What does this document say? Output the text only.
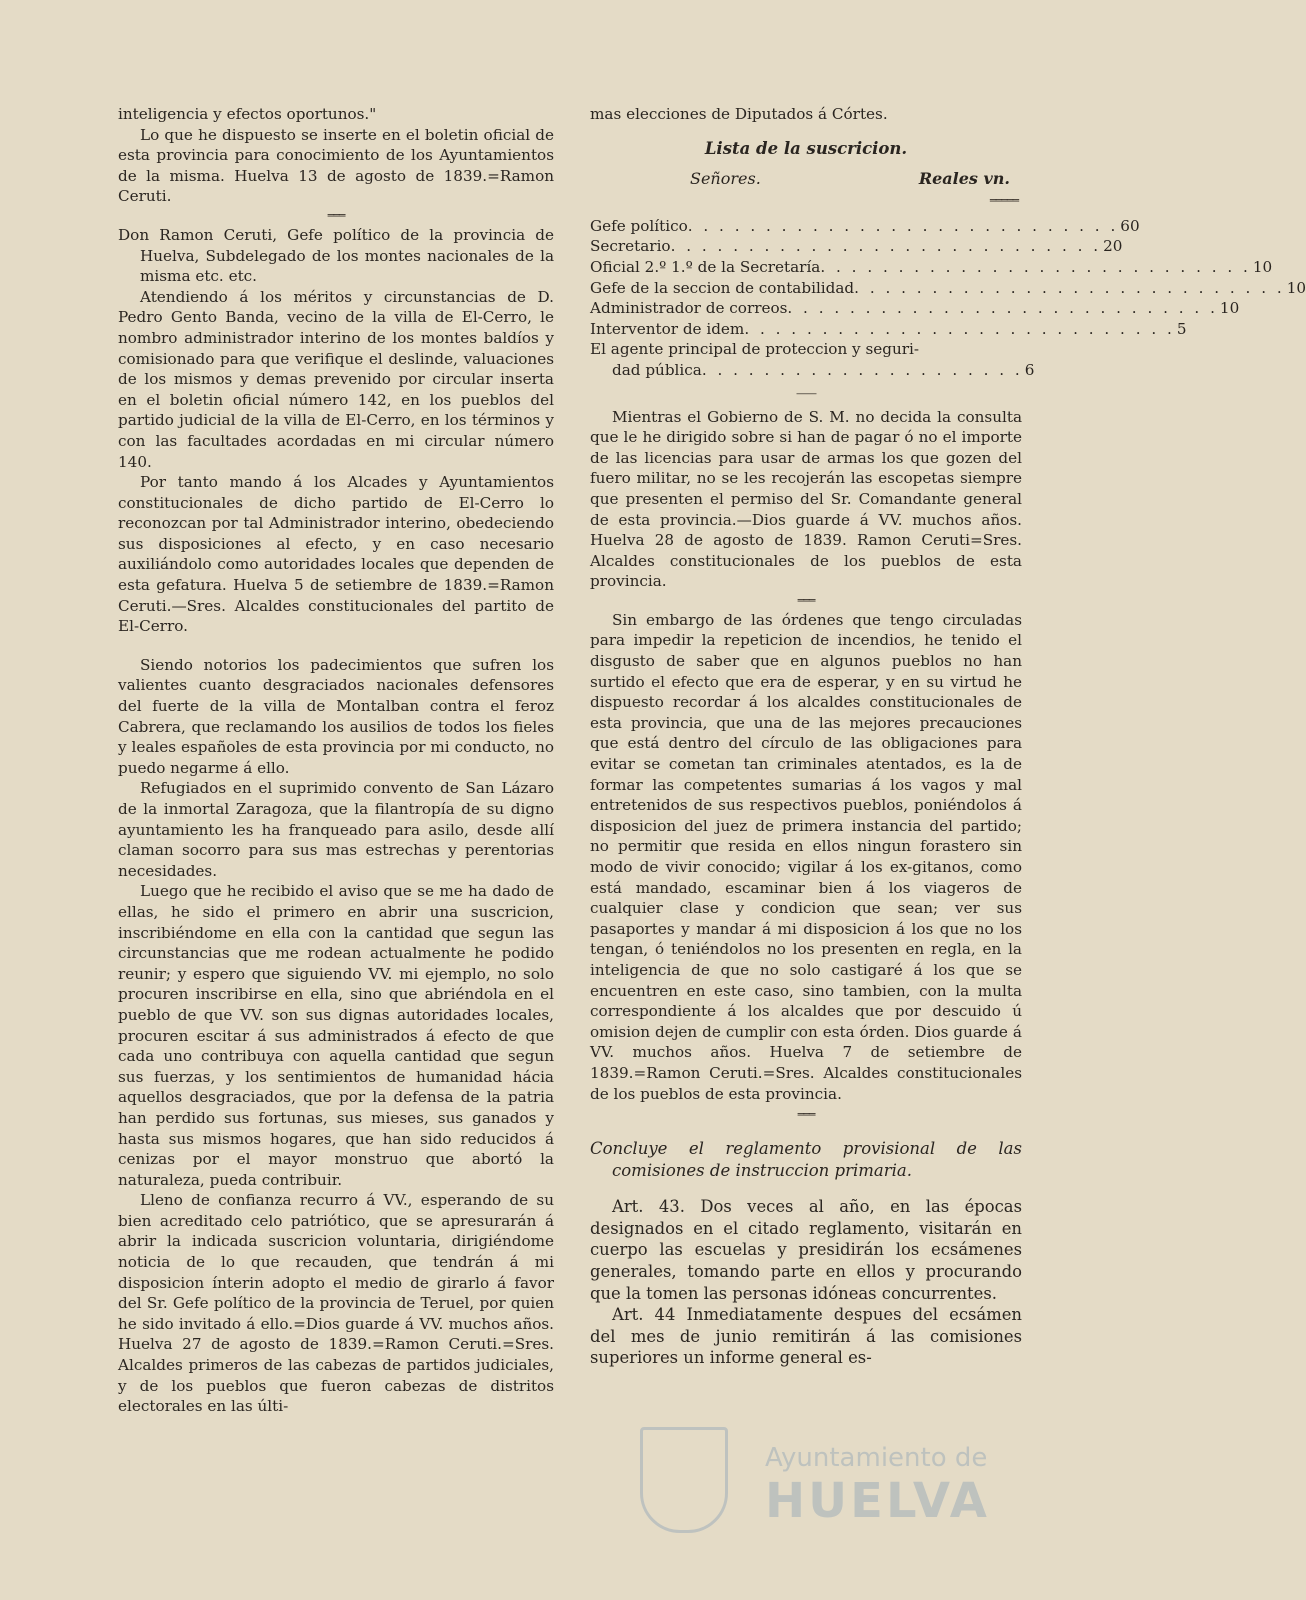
inteligencia y efectos oportunos."

Lo que he dispuesto se inserte en el boletin oficial de esta provincia para conocimiento de los Ayuntamientos de la misma. Huelva 13 de agosto de 1839.=Ramon Ceruti.

═══

Don Ramon Ceruti, Gefe político de la provincia de Huelva, Subdelegado de los montes nacionales de la misma etc. etc.

Atendiendo á los méritos y circunstancias de D. Pedro Gento Banda, vecino de la villa de El-Cerro, le nombro administrador interino de los montes baldíos y comisionado para que verifique el deslinde, valuaciones de los mismos y demas prevenido por circular inserta en el boletin oficial número 142, en los pueblos del partido judicial de la villa de El-Cerro, en los términos y con las facultades acordadas en mi circular número 140.

Por tanto mando á los Alcades y Ayuntamientos constitucionales de dicho partido de El-Cerro lo reconozcan por tal Administrador interino, obedeciendo sus disposiciones al efecto, y en caso necesario auxiliándolo como autoridades locales que dependen de esta gefatura. Huelva 5 de setiembre de 1839.=Ramon Ceruti.—Sres. Alcaldes constitucionales del partito de El-Cerro.

Siendo notorios los padecimientos que sufren los valientes cuanto desgraciados nacionales defensores del fuerte de la villa de Montalban contra el feroz Cabrera, que reclamando los ausilios de todos los fieles y leales españoles de esta provincia por mi conducto, no puedo negarme á ello.

Refugiados en el suprimido convento de San Lázaro de la inmortal Zaragoza, que la filantropía de su digno ayuntamiento les ha franqueado para asilo, desde allí claman socorro para sus mas estrechas y perentorias necesidades.

Luego que he recibido el aviso que se me ha dado de ellas, he sido el primero en abrir una suscricion, inscribiéndome en ella con la cantidad que segun las circunstancias que me rodean actualmente he podido reunir; y espero que siguiendo VV. mi ejemplo, no solo procuren inscribirse en ella, sino que abriéndola en el pueblo de que VV. son sus dignas autoridades locales, procuren escitar á sus administrados á efecto de que cada uno contribuya con aquella cantidad que segun sus fuerzas, y los sentimientos de humanidad hácia aquellos desgraciados, que por la defensa de la patria han perdido sus fortunas, sus mieses, sus ganados y hasta sus mismos hogares, que han sido reducidos á cenizas por el mayor monstruo que abortó la naturaleza, pueda contribuir.

Lleno de confianza recurro á VV., esperando de su bien acreditado celo patriótico, que se apresurarán á abrir la indicada suscricion voluntaria, dirigiéndome noticia de lo que recauden, que tendrán á mi disposicion ínterin adopto el medio de girarlo á favor del Sr. Gefe político de la provincia de Teruel, por quien he sido invitado á ello.=Dios guarde á VV. muchos años. Huelva 27 de agosto de 1839.=Ramon Ceruti.=Sres. Alcaldes primeros de las cabezas de partidos judiciales, y de los pueblos que fueron cabezas de distritos electorales en las últi-

mas elecciones de Diputados á Córtes.

Lista de la suscricion.

Señores.	Reales vn.
═════
Gefe político . . . . . . . . . . . . . . . . . . . . . . . . . . . . 60
Secretario . . . . . . . . . . . . . . . . . . . . . . . . . . . . 20
Oficial 2.º 1.º de la Secretaría . . . . . . . . . . . . . . . . . . . . . . . . . . . . 10
Gefe de la seccion de contabilidad . . . . . . . . . . . . . . . . . . . . . . . . . . . . 10
Administrador de correos . . . . . . . . . . . . . . . . . . . . . . . . . . . . 10
Interventor de idem . . . . . . . . . . . . . . . . . . . . . . . . . . . . 5
El agente principal de proteccion y seguri-
dad pública . . . . . . . . . . . . . . . . . . . . . 6
——

Mientras el Gobierno de S. M. no decida la consulta que le he dirigido sobre si han de pagar ó no el importe de las licencias para usar de armas los que gozen del fuero militar, no se les recojerán las escopetas siempre que presenten el permiso del Sr. Comandante general de esta provincia.—Dios guarde á VV. muchos años. Huelva 28 de agosto de 1839. Ramon Ceruti=Sres. Alcaldes constitucionales de los pueblos de esta provincia.

═══

Sin embargo de las órdenes que tengo circuladas para impedir la repeticion de incendios, he tenido el disgusto de saber que en algunos pueblos no han surtido el efecto que era de esperar, y en su virtud he dispuesto recordar á los alcaldes constitucionales de esta provincia, que una de las mejores precauciones que está dentro del círculo de las obligaciones para evitar se cometan tan criminales atentados, es la de formar las competentes sumarias á los vagos y mal entretenidos de sus respectivos pueblos, poniéndolos á disposicion del juez de primera instancia del partido; no permitir que resida en ellos ningun forastero sin modo de vivir conocido; vigilar á los ex-gitanos, como está mandado, escaminar bien á los viageros de cualquier clase y condicion que sean; ver sus pasaportes y mandar á mi disposicion á los que no los tengan, ó teniéndolos no los presenten en regla, en la inteligencia de que no solo castigaré á los que se encuentren en este caso, sino tambien, con la multa correspondiente á los alcaldes que por descuido ú omision dejen de cumplir con esta órden. Dios guarde á VV. muchos años. Huelva 7 de setiembre de 1839.=Ramon Ceruti.=Sres. Alcaldes constitucionales de los pueblos de esta provincia.

═══

Concluye el reglamento provisional de las comisiones de instruccion primaria.

Art. 43. Dos veces al año, en las épocas designados en el citado reglamento, visitarán en cuerpo las escuelas y presidirán los ecsámenes generales, tomando parte en ellos y procurando que la tomen las personas idóneas concurrentes.

Art. 44 Inmediatamente despues del ecsámen del mes de junio remitirán á las comisiones superiores un informe general es-

Ayuntamiento de
HUELVA
